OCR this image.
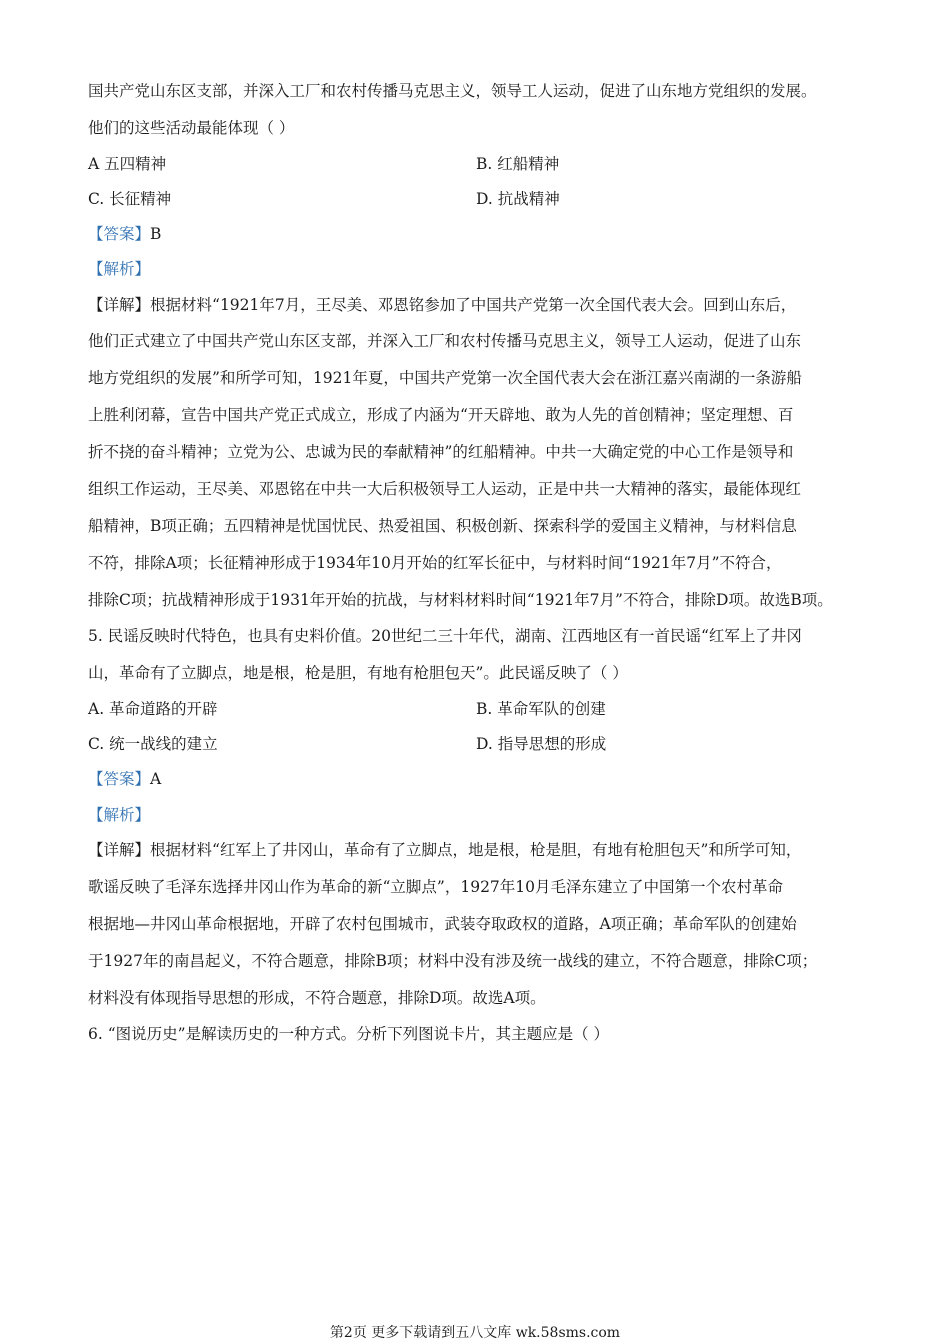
国共产党山东区支部，并深入工厂和农村传播马克思主义，领导工人运动，促进了山东地方党组织的发展。
他们的这些活动最能体现（ ）
A 五四精神	B. 红船精神
C. 长征精神	D. 抗战精神
【答案】B
【解析】
【详解】根据材料“1921年7月，王尽美、邓恩铭参加了中国共产党第一次全国代表大会。回到山东后，
他们正式建立了中国共产党山东区支部，并深入工厂和农村传播马克思主义，领导工人运动，促进了山东
地方党组织的发展”和所学可知，1921年夏，中国共产党第一次全国代表大会在浙江嘉兴南湖的一条游船
上胜利闭幕，宣告中国共产党正式成立，形成了内涵为“开天辟地、敢为人先的首创精神；坚定理想、百
折不挠的奋斗精神；立党为公、忠诚为民的奉献精神”的红船精神。中共一大确定党的中心工作是领导和
组织工作运动，王尽美、邓恩铭在中共一大后积极领导工人运动，正是中共一大精神的落实，最能体现红
船精神，B项正确；五四精神是忧国忧民、热爱祖国、积极创新、探索科学的爱国主义精神，与材料信息
不符，排除A项；长征精神形成于1934年10月开始的红军长征中，与材料时间“1921年7月”不符合，
排除C项；抗战精神形成于1931年开始的抗战，与材料材料时间“1921年7月”不符合，排除D项。故选B项。
5. 民谣反映时代特色，也具有史料价值。20世纪二三十年代，湖南、江西地区有一首民谣“红军上了井冈
山，革命有了立脚点，地是根，枪是胆，有地有枪胆包天”。此民谣反映了（ ）
A. 革命道路的开辟	B. 革命军队的创建
C. 统一战线的建立	D. 指导思想的形成
【答案】A
【解析】
【详解】根据材料“红军上了井冈山，革命有了立脚点，地是根，枪是胆，有地有枪胆包天”和所学可知，
歌谣反映了毛泽东选择井冈山作为革命的新“立脚点”，1927年10月毛泽东建立了中国第一个农村革命
根据地—井冈山革命根据地，开辟了农村包围城市，武装夺取政权的道路，A项正确；革命军队的创建始
于1927年的南昌起义，不符合题意，排除B项；材料中没有涉及统一战线的建立，不符合题意，排除C项；
材料没有体现指导思想的形成，不符合题意，排除D项。故选A项。
6. “图说历史”是解读历史的一种方式。分析下列图说卡片，其主题应是（ ）
第2页 更多下载请到五八文库 wk.58sms.com
